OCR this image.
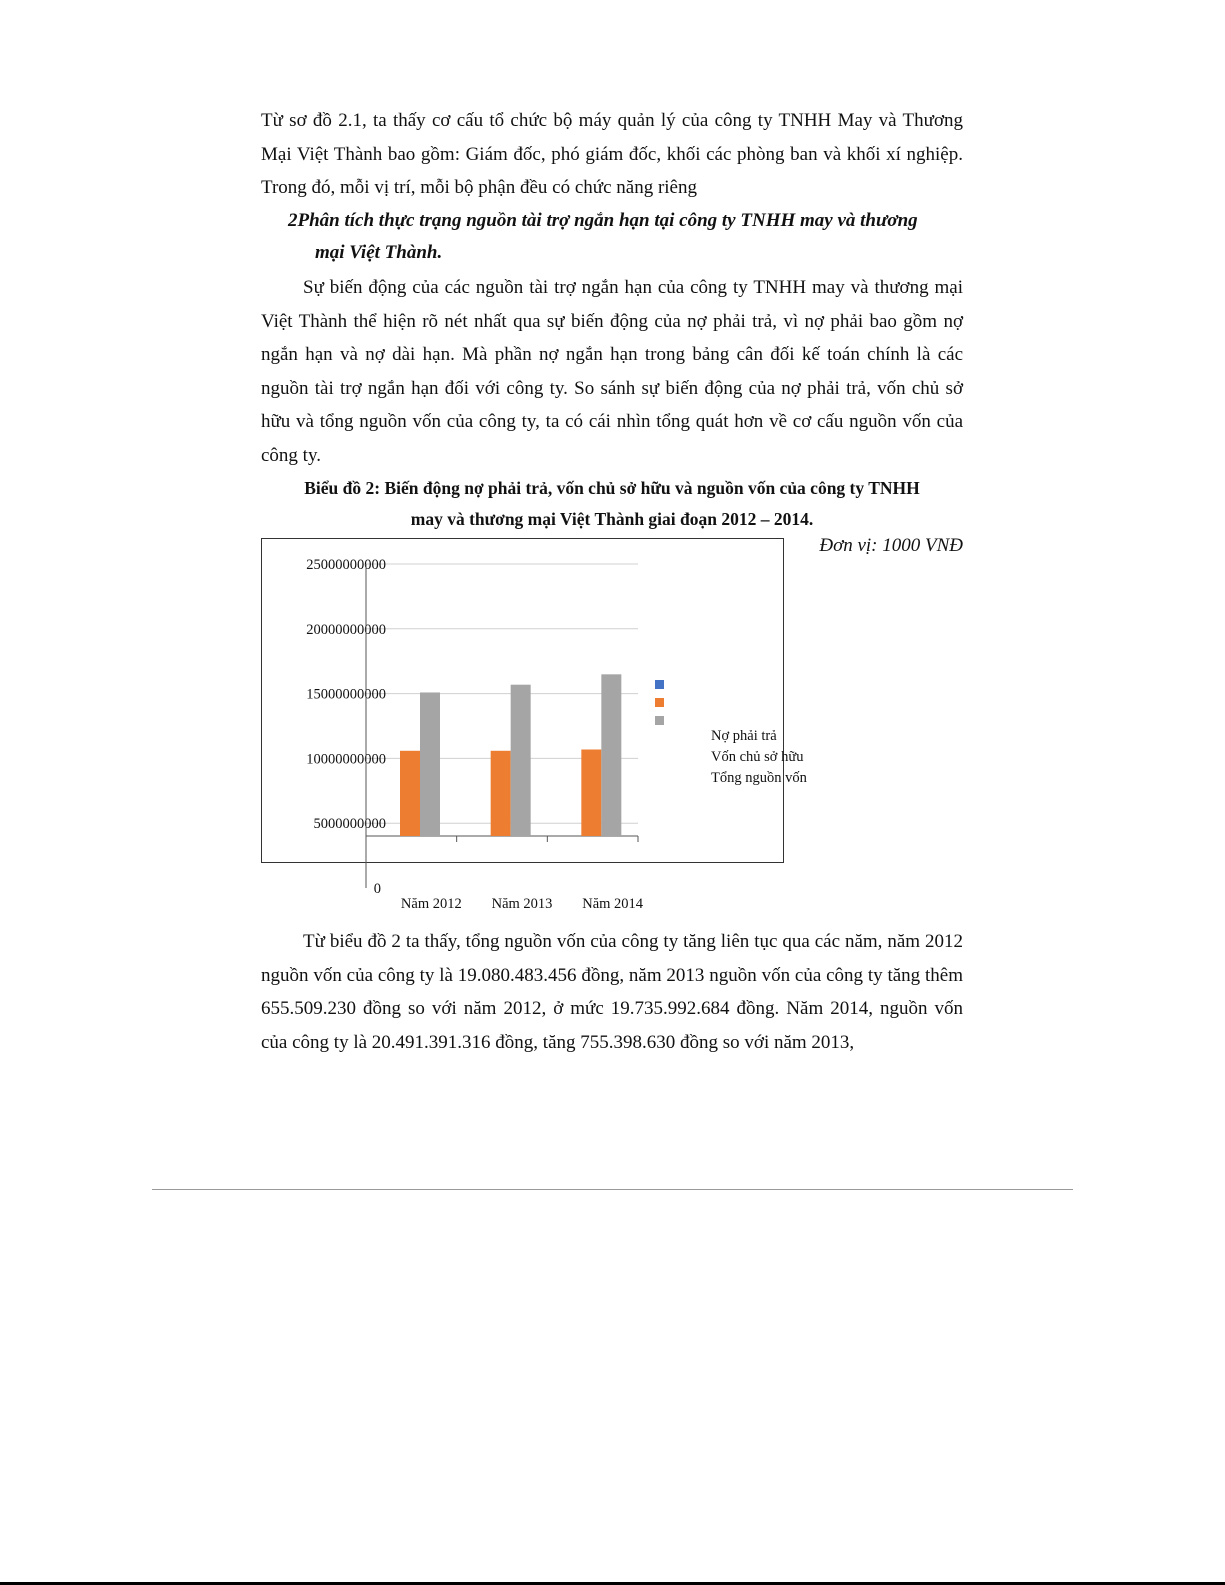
Từ sơ đồ 2.1, ta thấy cơ cấu tổ chức bộ máy quản lý của công ty TNHH May và Thương Mại Việt Thành bao gồm: Giám đốc, phó giám đốc, khối các phòng ban và khối xí nghiệp. Trong đó, mỗi vị trí, mỗi bộ phận đều có chức năng riêng

2Phân tích thực trạng nguồn tài trợ ngắn hạn tại công ty TNHH may và thương
mại Việt Thành.

Sự biến động của các nguồn tài trợ ngắn hạn của công ty TNHH may và thương mại Việt Thành thể hiện rõ nét nhất qua sự biến động của nợ phải trả, vì nợ phải bao gồm nợ ngắn hạn và nợ dài hạn. Mà phần nợ ngắn hạn trong bảng cân đối kế toán chính là các nguồn tài trợ ngắn hạn đối với công ty. So sánh sự biến động của nợ phải trả, vốn chủ sở hữu và tổng nguồn vốn của công ty, ta có cái nhìn tổng quát hơn về cơ cấu nguồn vốn của công ty.

Biểu đồ 2: Biến động nợ phải trả, vốn chủ sở hữu và nguồn vốn của công ty TNHH
may và thương mại Việt Thành giai đoạn 2012 – 2014.

Đơn vị: 1000 VNĐ
0
5000000000
10000000000
15000000000
20000000000
25000000000
Năm 2012 Năm 2013 Năm 2014
Nợ phải trả
Vốn chủ sở hữu
Tổng nguồn vốn

Từ biểu đồ 2 ta thấy, tổng nguồn vốn của công ty tăng liên tục qua các năm, năm 2012 nguồn vốn của công ty là 19.080.483.456 đồng, năm 2013 nguồn vốn của công ty tăng thêm 655.509.230 đồng so với năm 2012, ở mức 19.735.992.684 đồng. Năm 2014, nguồn vốn của công ty là 20.491.391.316 đồng, tăng 755.398.630 đồng so với năm 2013,
